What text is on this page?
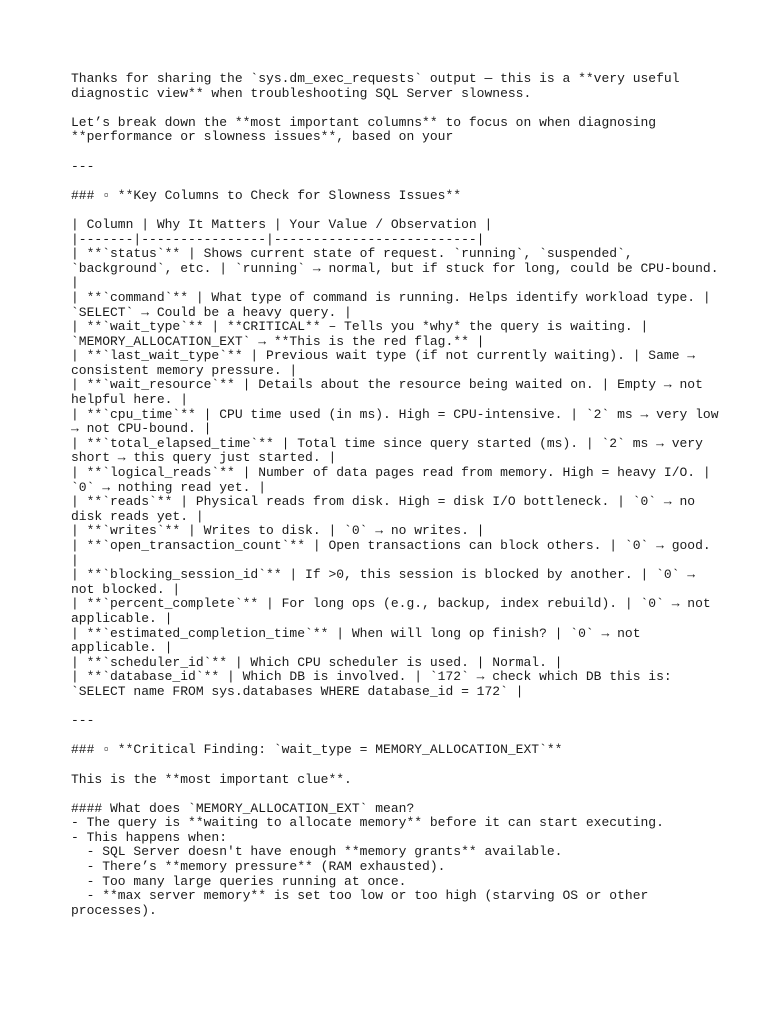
Thanks for sharing the `sys.dm_exec_requests` output — this is a **very useful
diagnostic view** when troubleshooting SQL Server slowness.
Let’s break down the **most important columns** to focus on when diagnosing
**performance or slowness issues**, based on your
---
### ▫ **Key Columns to Check for Slowness Issues**
| Column | Why It Matters | Your Value / Observation |
|-------|----------------|--------------------------|
| **`status`** | Shows current state of request. `running`, `suspended`,
`background`, etc. | `running` → normal, but if stuck for long, could be CPU-bound.
|
| **`command`** | What type of command is running. Helps identify workload type. |
`SELECT` → Could be a heavy query. |
| **`wait_type`** | **CRITICAL** – Tells you *why* the query is waiting. |
`MEMORY_ALLOCATION_EXT` → **This is the red flag.** |
| **`last_wait_type`** | Previous wait type (if not currently waiting). | Same →
consistent memory pressure. |
| **`wait_resource`** | Details about the resource being waited on. | Empty → not
helpful here. |
| **`cpu_time`** | CPU time used (in ms). High = CPU-intensive. | `2` ms → very low
→ not CPU-bound. |
| **`total_elapsed_time`** | Total time since query started (ms). | `2` ms → very
short → this query just started. |
| **`logical_reads`** | Number of data pages read from memory. High = heavy I/O. |
`0` → nothing read yet. |
| **`reads`** | Physical reads from disk. High = disk I/O bottleneck. | `0` → no
disk reads yet. |
| **`writes`** | Writes to disk. | `0` → no writes. |
| **`open_transaction_count`** | Open transactions can block others. | `0` → good.
|
| **`blocking_session_id`** | If >0, this session is blocked by another. | `0` →
not blocked. |
| **`percent_complete`** | For long ops (e.g., backup, index rebuild). | `0` → not
applicable. |
| **`estimated_completion_time`** | When will long op finish? | `0` → not
applicable. |
| **`scheduler_id`** | Which CPU scheduler is used. | Normal. |
| **`database_id`** | Which DB is involved. | `172` → check which DB this is:
`SELECT name FROM sys.databases WHERE database_id = 172` |
---
### ▫ **Critical Finding: `wait_type = MEMORY_ALLOCATION_EXT`**
This is the **most important clue**.
#### What does `MEMORY_ALLOCATION_EXT` mean?
- The query is **waiting to allocate memory** before it can start executing.
- This happens when:
- SQL Server doesn't have enough **memory grants** available.
- There’s **memory pressure** (RAM exhausted).
- Too many large queries running at once.
- **max server memory** is set too low or too high (starving OS or other
processes).
